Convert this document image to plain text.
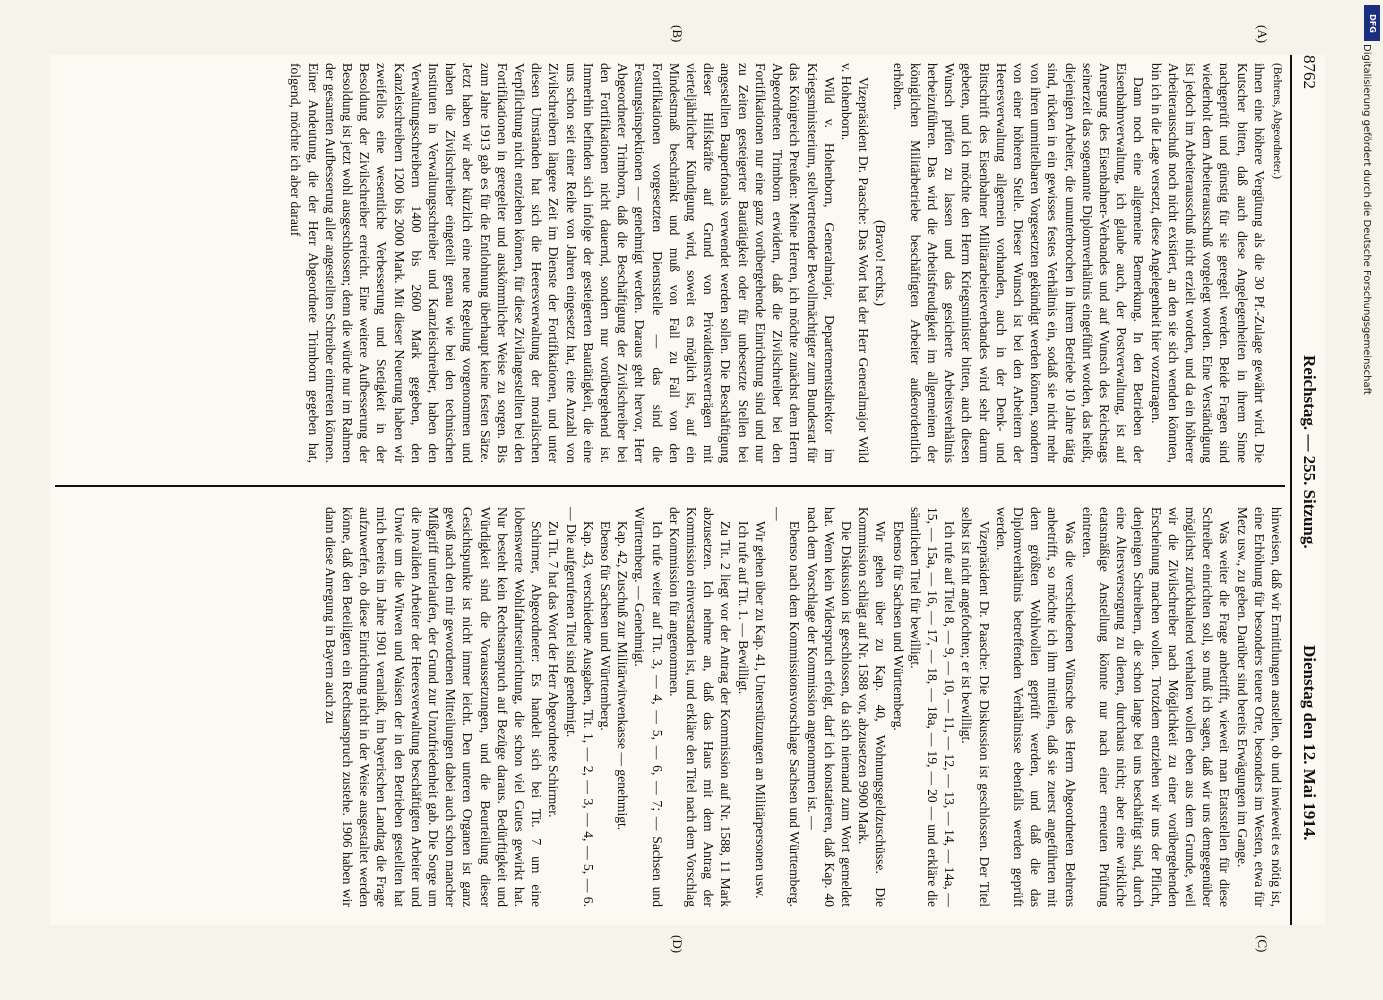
8762
Reichstag. — 255. Sitzung.
Dienstag den 12. Mai 1914.
(A)
(B)
(C)
(D)

(Behrens, Abgeordneter.)

ihnen eine höhere Vergütung als die 30 Pf.-Zulage gewährt wird. Die Kutscher bitten, daß auch diese Angelegenheiten in ihrem Sinne nachgeprüft und günstig für sie geregelt werden. Beide Fragen sind wiederholt dem Arbeiterausschuß vorgelegt worden. Eine Verständigung ist jedoch im Arbeiterausschuß nicht erzielt worden, und da ein höherer Arbeiterausschuß noch nicht existiert, an den sie sich wenden könnten, bin ich in die Lage versetzt, diese Angelegenheit hier vorzutragen.

Dann noch eine allgemeine Bemerkung. In den Betrieben der Eisenbahnverwaltung, ich glaube auch, der Postverwaltung, ist auf Anregung des Eisenbahner-Verbandes und auf Wunsch des Reichstags seinerzeit das sogenannte Diplomverhältnis eingeführt worden, das heißt, diejenigen Arbeiter, die ununterbrochen in ihrem Betriebe 10 Jahre tätig sind, rücken in ein gewisses festes Verhältnis ein, sodaß sie nicht mehr von ihren unmittelbaren Vorgesetzten gekündigt werden können, sondern von einer höheren Stelle. Dieser Wunsch ist bei den Arbeitern der Heeresverwaltung allgemein vorhanden, auch in der Denk- und Bittschrift des Eisenbahner Militärarbeiterverbandes wird sehr darum gebeten, und ich möchte den Herrn Kriegsminister bitten, auch diesen Wunsch prüfen zu lassen und das gesicherte Arbeitsverhältnis herbeizuführen. Das wird die Arbeitsfreudigkeit im allgemeinen der königlichen Militärbetriebe beschäftigten Arbeiter außerordentlich erhöhen.

(Bravo! rechts.)

Vizepräsident Dr. Paasche: Das Wort hat der Herr Generalmajor Wild v. Hohenborn.

Wild v. Hohenborn, Generalmajor, Departementsdirektor im Kriegsministerium, stellvertretender Bevollmächtigter zum Bundesrat für das Königreich Preußen: Meine Herren, ich möchte zunächst dem Herrn Abgeordneten Trimborn erwidern, daß die Zivilschreiber bei den Fortifikationen nur eine ganz vorübergehende Einrichtung sind und nur zu Zeiten gesteigerter Bautätigkeit oder für unbesetzte Stellen bei angestellten Bauperfonals verwendet werden sollen. Die Beschäftigung dieser Hilfskräfte auf Grund von Privatdienstverträgen mit vierteljährlicher Kündigung wird, soweit es möglich ist, auf ein Mindestmaß beschränkt und muß von Fall zu Fall von den Fortifikationen vorgesetzten Dienststelle — das sind die Festungsinspektionen — genehmigt werden. Daraus geht hervor, Herr Abgeordneter Trimborn, daß die Beschäftigung der Zivilschreiber bei den Fortifikationen nicht dauernd, sondern nur vorübergehend ist. Immerhin befinden sich infolge der gesteigerten Bautätigkeit, die eine uns schon seit einer Reihe von Jahren eingesetzt hat, eine Anzahl von Zivilschreibern längere Zeit im Dienste der Fortifikationen, und unter diesen Umständen hat sich die Heeresverwaltung der moralischen Verpflichtung nicht entziehen können, für diese Zivilangestellten bei den Fortifikationen in geregelter und auskömmlicher Weise zu sorgen. Bis zum Jahre 1913 gab es für die Entlohnung überhaupt keine festen Sätze. Jetzt haben wir aber kürzlich eine neue Regelung vorgenommen und haben die Zivilschreiber eingeteilt genau wie bei den technischen Instituten in Verwaltungsschreiber und Kanzleischreiber, haben den Verwaltungsschreibern 1400 bis 2600 Mark gegeben, den Kanzleischreibern 1200 bis 2000 Mark. Mit dieser Neuerung haben wir zweifellos eine wesentliche Verbesserung und Stetigkeit in der Besoldung der Zivilschreiber erreicht. Eine weitere Aufbesserung der Besoldung ist jetzt wohl ausgeschlossen; denn die würde nur im Rahmen der gesamten Aufbesserung aller angestellten Schreiber eintreten können. Einer Andeutung, die der Herr Abgeordnete Trimborn gegeben hat, folgend, möchte ich aber darauf

hinweisen, daß wir Ermittlungen anstellen, ob und inwieweit es nötig ist, eine Erhöhung für besonders teuere Orte, besonders im Westen, etwa für Metz usw., zu geben. Darüber sind bereits Erwägungen im Gange.

Was weiter die Frage anbetrifft, wieweit man Etatsstellen für diese Schreiber einrichten soll, so muß ich sagen, daß wir uns demgegenüber möglichst zurückhaltend verhalten wollen eben aus dem Grunde, weil wir die Zivilschreiber nach Möglichkeit zu einer vorübergehenden Erscheinung machen wollen. Trotzdem entziehen wir uns der Pflicht, denjenigen Schreibern, die schon lange bei uns beschäftigt sind, durch eine Altersversorgung zu dienen, durchaus nicht; aber eine wirkliche etatsmäßige Anstellung könnte nur nach einer erneuten Prüfung eintreten.

Was die verschiedenen Wünsche des Herrn Abgeordneten Behrens anbetrifft, so möchte ich ihm mitteilen, daß sie zuerst angeführten mit dem größten Wohlwollen geprüft werden, und daß die das Diplomverhältnis betreffenden Verhältnisse ebenfalls werden geprüft werden.

Vizepräsident Dr. Paasche: Die Diskussion ist geschlossen. Der Titel selbst ist nicht angefochten; er ist bewilligt.

Ich rufe auf Titel 8, — 9, — 10, — 11, — 12, — 13, — 14, — 14a, — 15, — 15a, — 16, — 17, — 18, — 18a, — 19, — 20 — und erkläre die sämtlichen Titel für bewilligt.

Ebenso für Sachsen und Württemberg.

Wir gehen über zu Kap. 40, Wohnungsgeldzuschüsse. Die Kommission schlägt auf Nr. 1588 vor, abzusetzen 9900 Mark.

Die Diskussion ist geschlossen, da sich niemand zum Wort gemeldet hat. Wenn kein Widerspruch erfolgt, darf ich konstatieren, daß Kap. 40 nach dem Vorschlage der Kommission angenommen ist. —

Ebenso nach dem Kommissionsvorschlage Sachsen und Württemberg. —

Wir gehen über zu Kap. 41, Unterstützungen an Militärpersonen usw.

Ich rufe auf Tit. 1. — Bewilligt.

Zu Tit. 2 liegt vor der Antrag der Kommission auf Nr. 1588, 11 Mark abzusetzen. Ich nehme an, daß das Haus mit dem Antrag der Kommission einverstanden ist, und erkläre den Titel nach dem Vorschlag der Kommission für angenommen.

Ich rufe weiter auf Tit. 3, — 4, — 5, — 6, — 7; — Sachsen und Württemberg. — Genehmigt.

Kap. 42, Zuschuß zur Militärwitwenkasse — genehmigt.

Ebenso für Sachsen und Württemberg.

Kap. 43, verschiedene Ausgaben, Tit. 1, — 2, — 3, — 4, — 5, — 6. — Die aufgerufenen Titel sind genehmigt.

Zu Tit. 7 hat das Wort der Herr Abgeordnete Schirmer.

Schirmer, Abgeordneter: Es handelt sich bei Tit. 7 um eine lobenswerte Wohlfahrtseinrichtung, die schon viel Gutes gewirkt hat. Nur besteht kein Rechtsanspruch auf Bezüge daraus. Bedürftigkeit und Würdigkeit sind die Voraussetzungen, und die Beurteilung dieser Gesichtspunkte ist nicht immer leicht. Den unteren Organen ist ganz gewiß nach den mir gewordenen Mitteilungen dabei auch schon mancher Mißgriff unterlaufen, der Grund zur Unzufriedenheit gab. Die Sorge um die invaliden Arbeiter der Heeresverwaltung beschäftigten Arbeiter und Unwie um die Witwen und Waisen der in den Betrieben gestellten hat mich bereits im Jahre 1901 veranlaßt, im bayerischen Landtag die Frage aufzuwerfen, ob diese Einrichtung nicht in der Weise ausgestaltet werden könne, daß den Beteiligten ein Rechtsanspruch zustehe. 1906 haben wir dann diese Anregung in Bayern auch zu

DFG
Digitalisierung gefördert durch die Deutsche Forschungsgemeinschaft
